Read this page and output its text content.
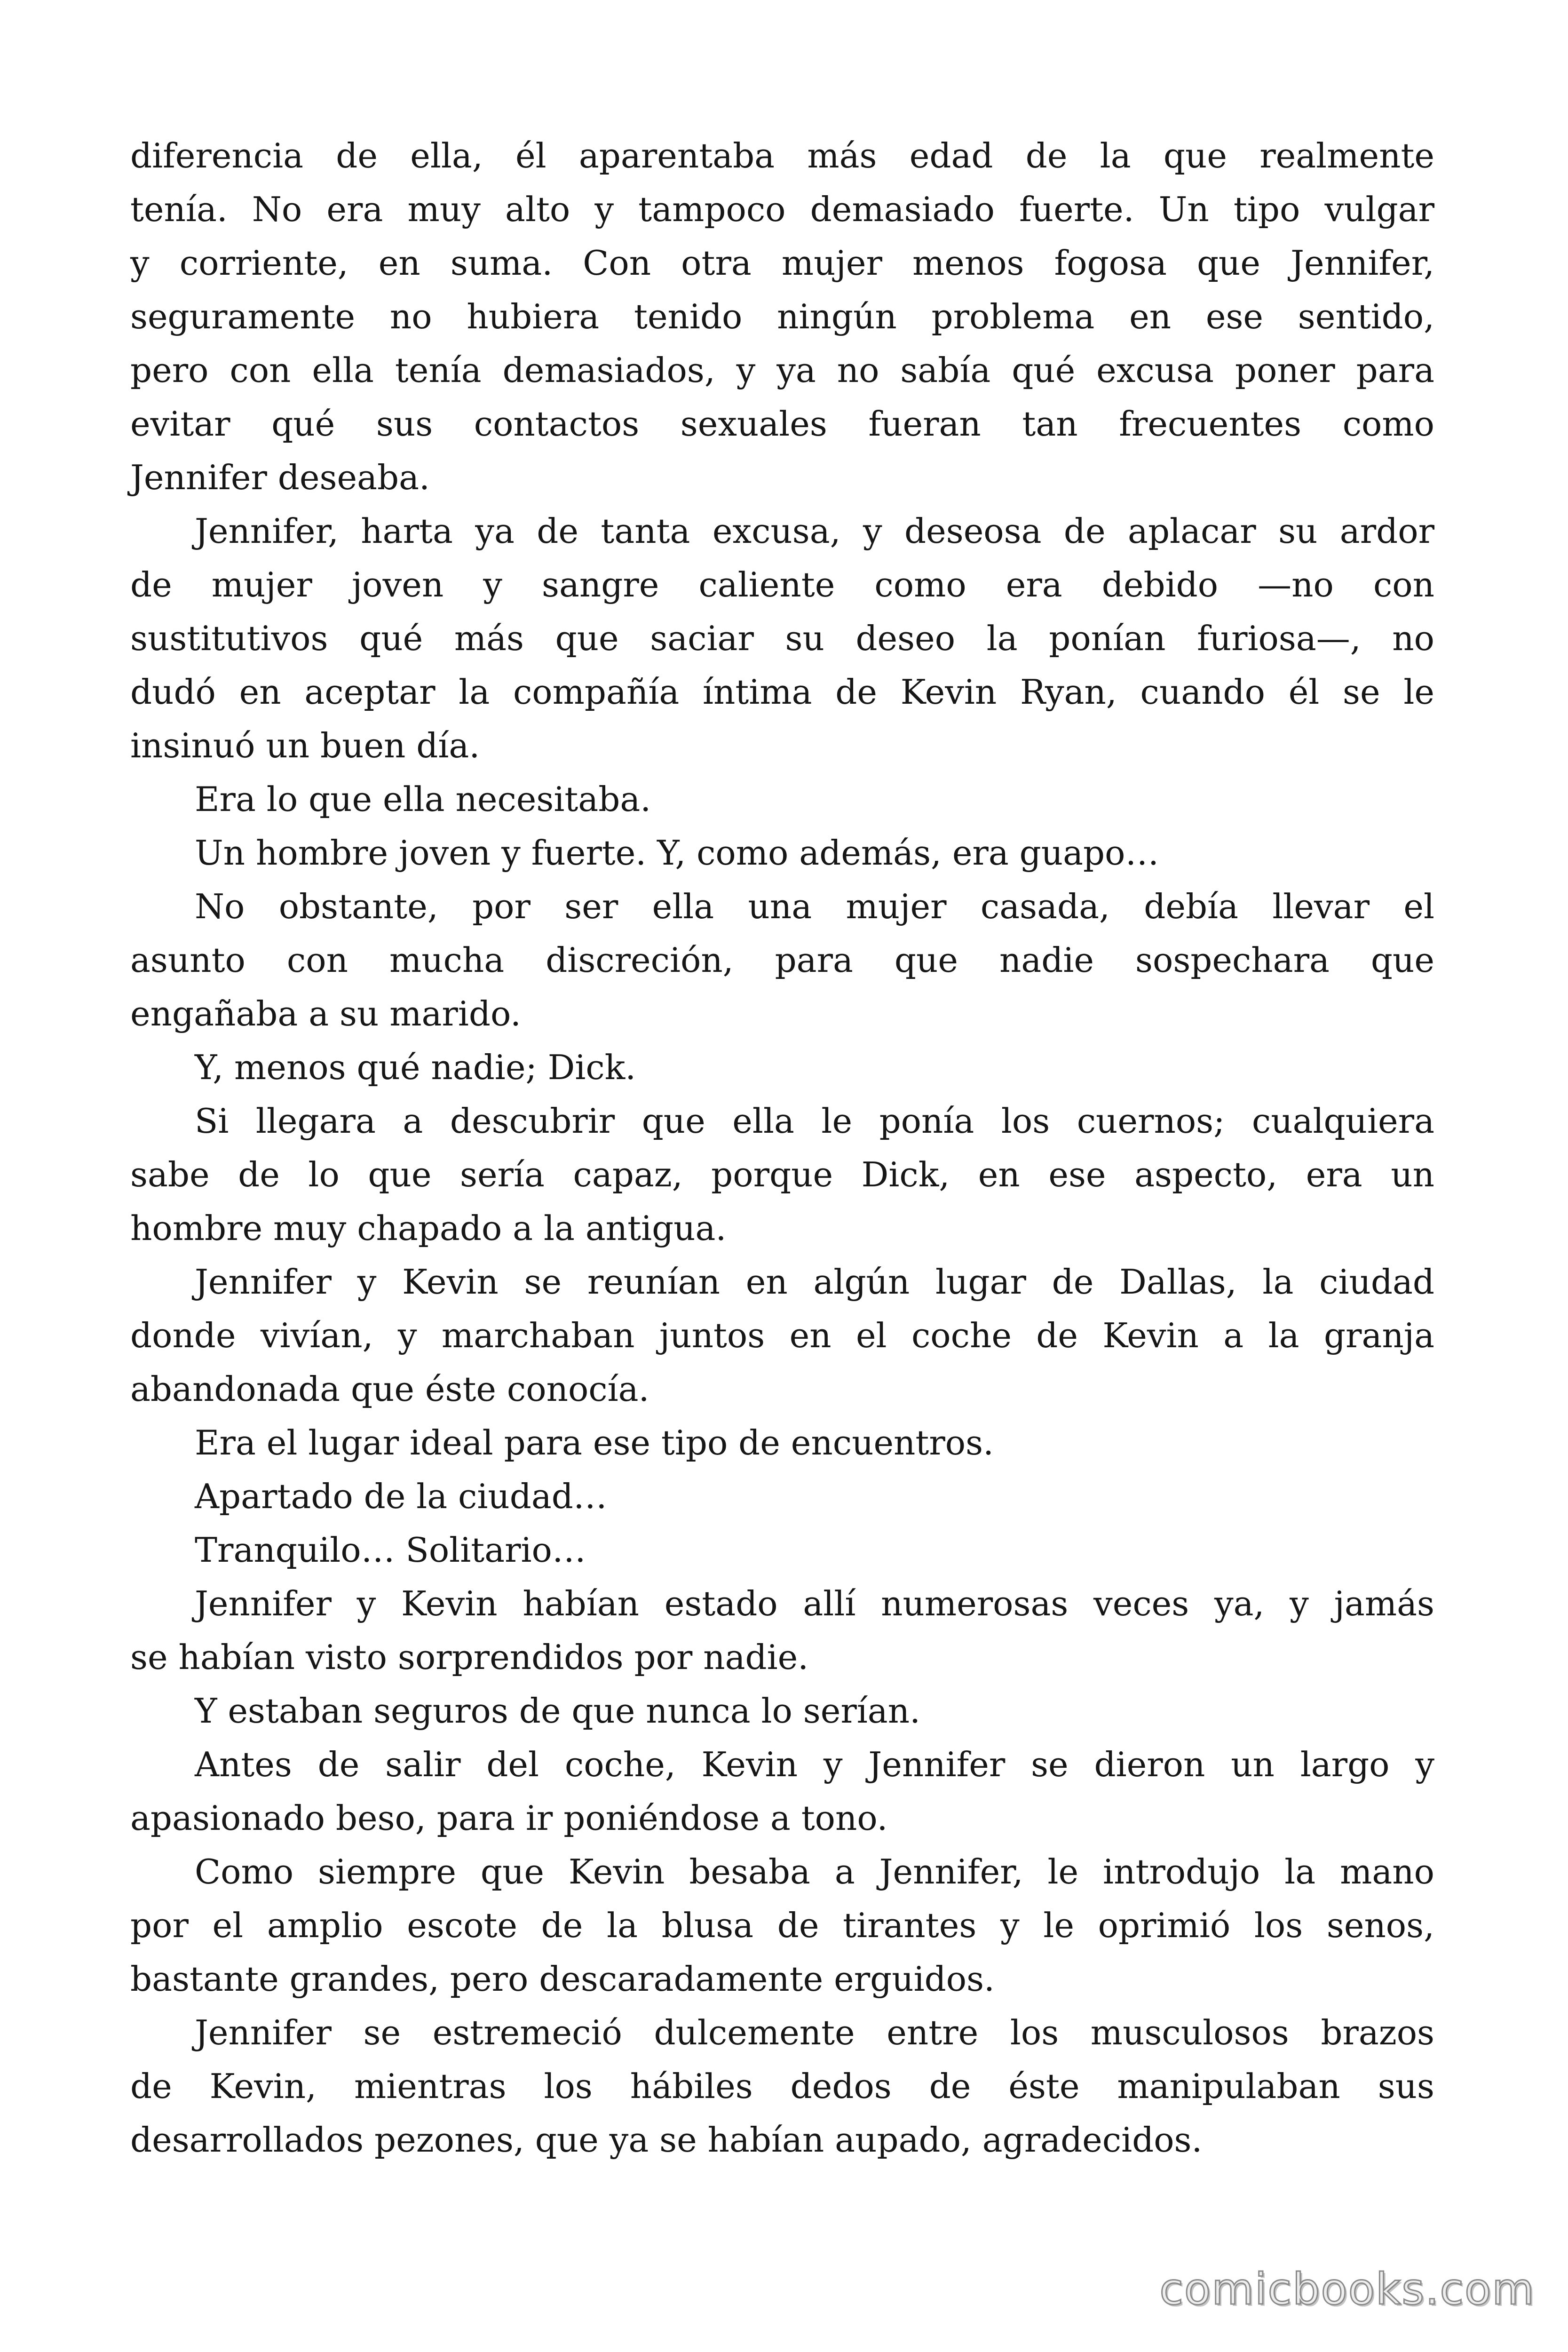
diferencia de ella, él aparentaba más edad de la que realmente
tenía. No era muy alto y tampoco demasiado fuerte. Un tipo vulgar
y corriente, en suma. Con otra mujer menos fogosa que Jennifer,
seguramente no hubiera tenido ningún problema en ese sentido,
pero con ella tenía demasiados, y ya no sabía qué excusa poner para
evitar qué sus contactos sexuales fueran tan frecuentes como
Jennifer deseaba.
Jennifer, harta ya de tanta excusa, y deseosa de aplacar su ardor
de mujer joven y sangre caliente como era debido —no con
sustitutivos qué más que saciar su deseo la ponían furiosa—, no
dudó en aceptar la compañía íntima de Kevin Ryan, cuando él se le
insinuó un buen día.
Era lo que ella necesitaba.
Un hombre joven y fuerte. Y, como además, era guapo…
No obstante, por ser ella una mujer casada, debía llevar el
asunto con mucha discreción, para que nadie sospechara que
engañaba a su marido.
Y, menos qué nadie; Dick.
Si llegara a descubrir que ella le ponía los cuernos; cualquiera
sabe de lo que sería capaz, porque Dick, en ese aspecto, era un
hombre muy chapado a la antigua.
Jennifer y Kevin se reunían en algún lugar de Dallas, la ciudad
donde vivían, y marchaban juntos en el coche de Kevin a la granja
abandonada que éste conocía.
Era el lugar ideal para ese tipo de encuentros.
Apartado de la ciudad…
Tranquilo… Solitario…
Jennifer y Kevin habían estado allí numerosas veces ya, y jamás
se habían visto sorprendidos por nadie.
Y estaban seguros de que nunca lo serían.
Antes de salir del coche, Kevin y Jennifer se dieron un largo y
apasionado beso, para ir poniéndose a tono.
Como siempre que Kevin besaba a Jennifer, le introdujo la mano
por el amplio escote de la blusa de tirantes y le oprimió los senos,
bastante grandes, pero descaradamente erguidos.
Jennifer se estremeció dulcemente entre los musculosos brazos
de Kevin, mientras los hábiles dedos de éste manipulaban sus
desarrollados pezones, que ya se habían aupado, agradecidos.
comicbooks.com
